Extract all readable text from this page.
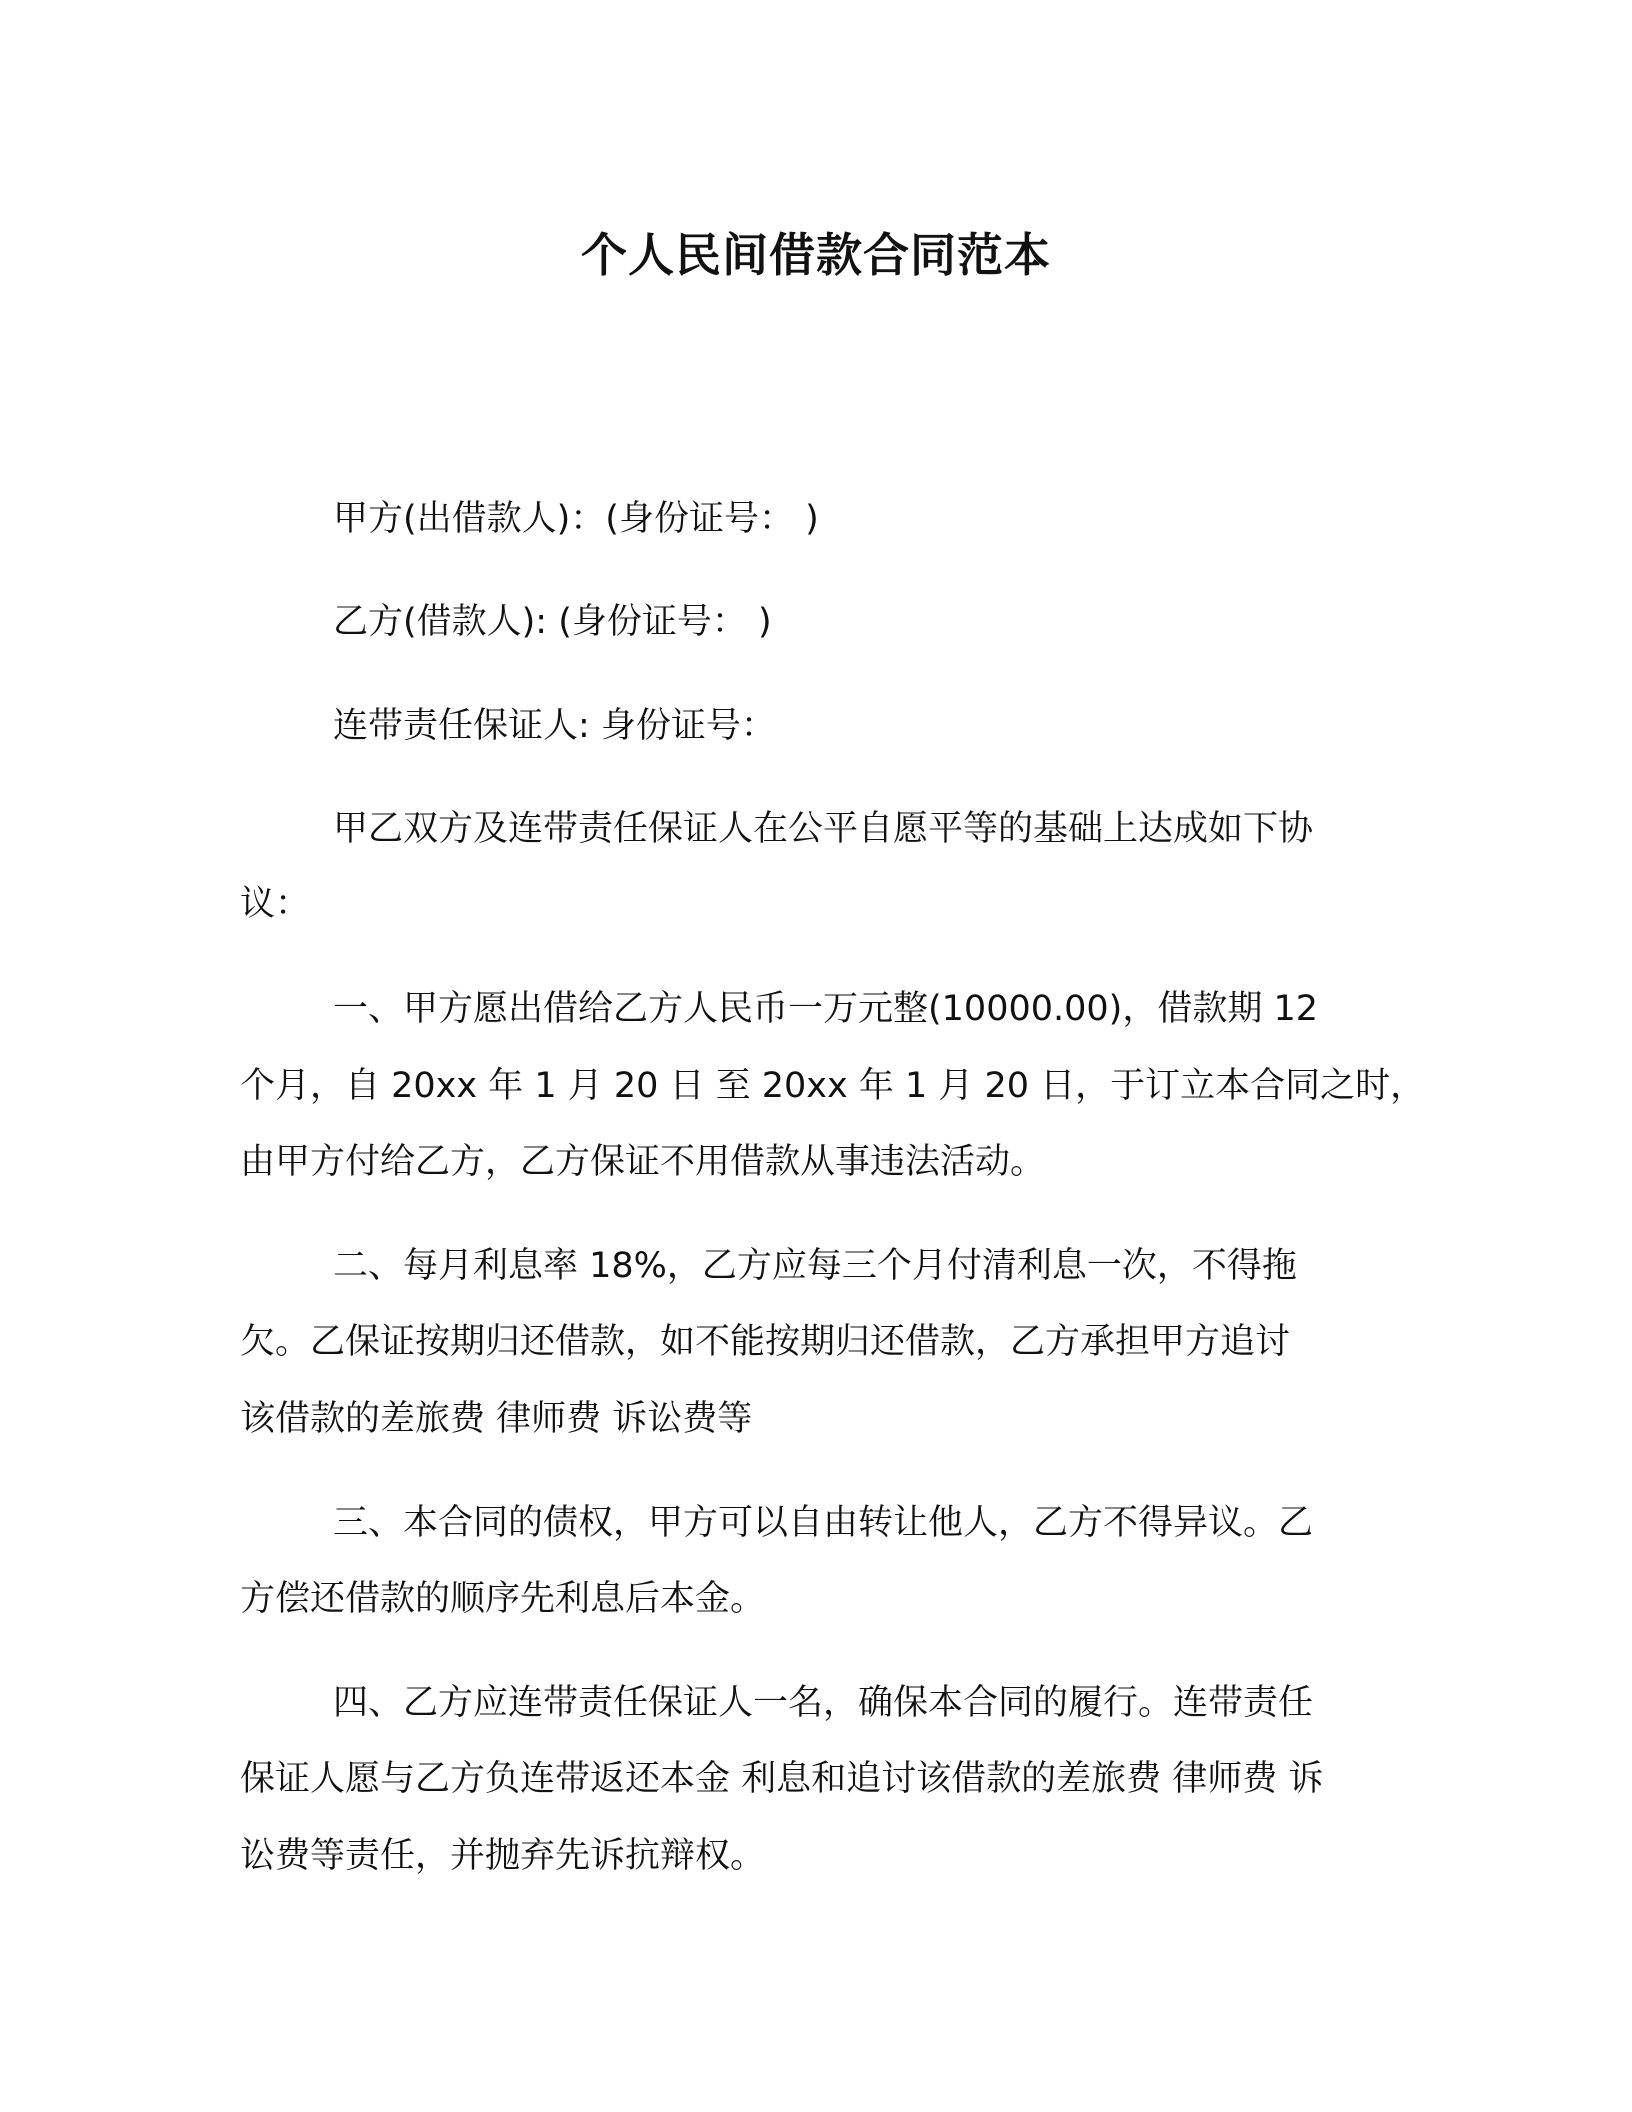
个人民间借款合同范本

甲方(出借款人)：(身份证号： )

乙方(借款人): (身份证号： )

连带责任保证人: 身份证号：

甲乙双方及连带责任保证人在公平自愿平等的基础上达成如下协

议：

一、甲方愿出借给乙方人民币一万元整(10000.00)，借款期 12

个月，自 20xx 年 1 月 20 日 至 20xx 年 1 月 20 日，于订立本合同之时，

由甲方付给乙方，乙方保证不用借款从事违法活动。

二、每月利息率 18%，乙方应每三个月付清利息一次，不得拖

欠。乙保证按期归还借款，如不能按期归还借款，乙方承担甲方追讨

该借款的差旅费 律师费 诉讼费等

三、本合同的债权，甲方可以自由转让他人，乙方不得异议。乙

方偿还借款的顺序先利息后本金。

四、乙方应连带责任保证人一名，确保本合同的履行。连带责任

保证人愿与乙方负连带返还本金 利息和追讨该借款的差旅费 律师费 诉

讼费等责任，并抛弃先诉抗辩权。
